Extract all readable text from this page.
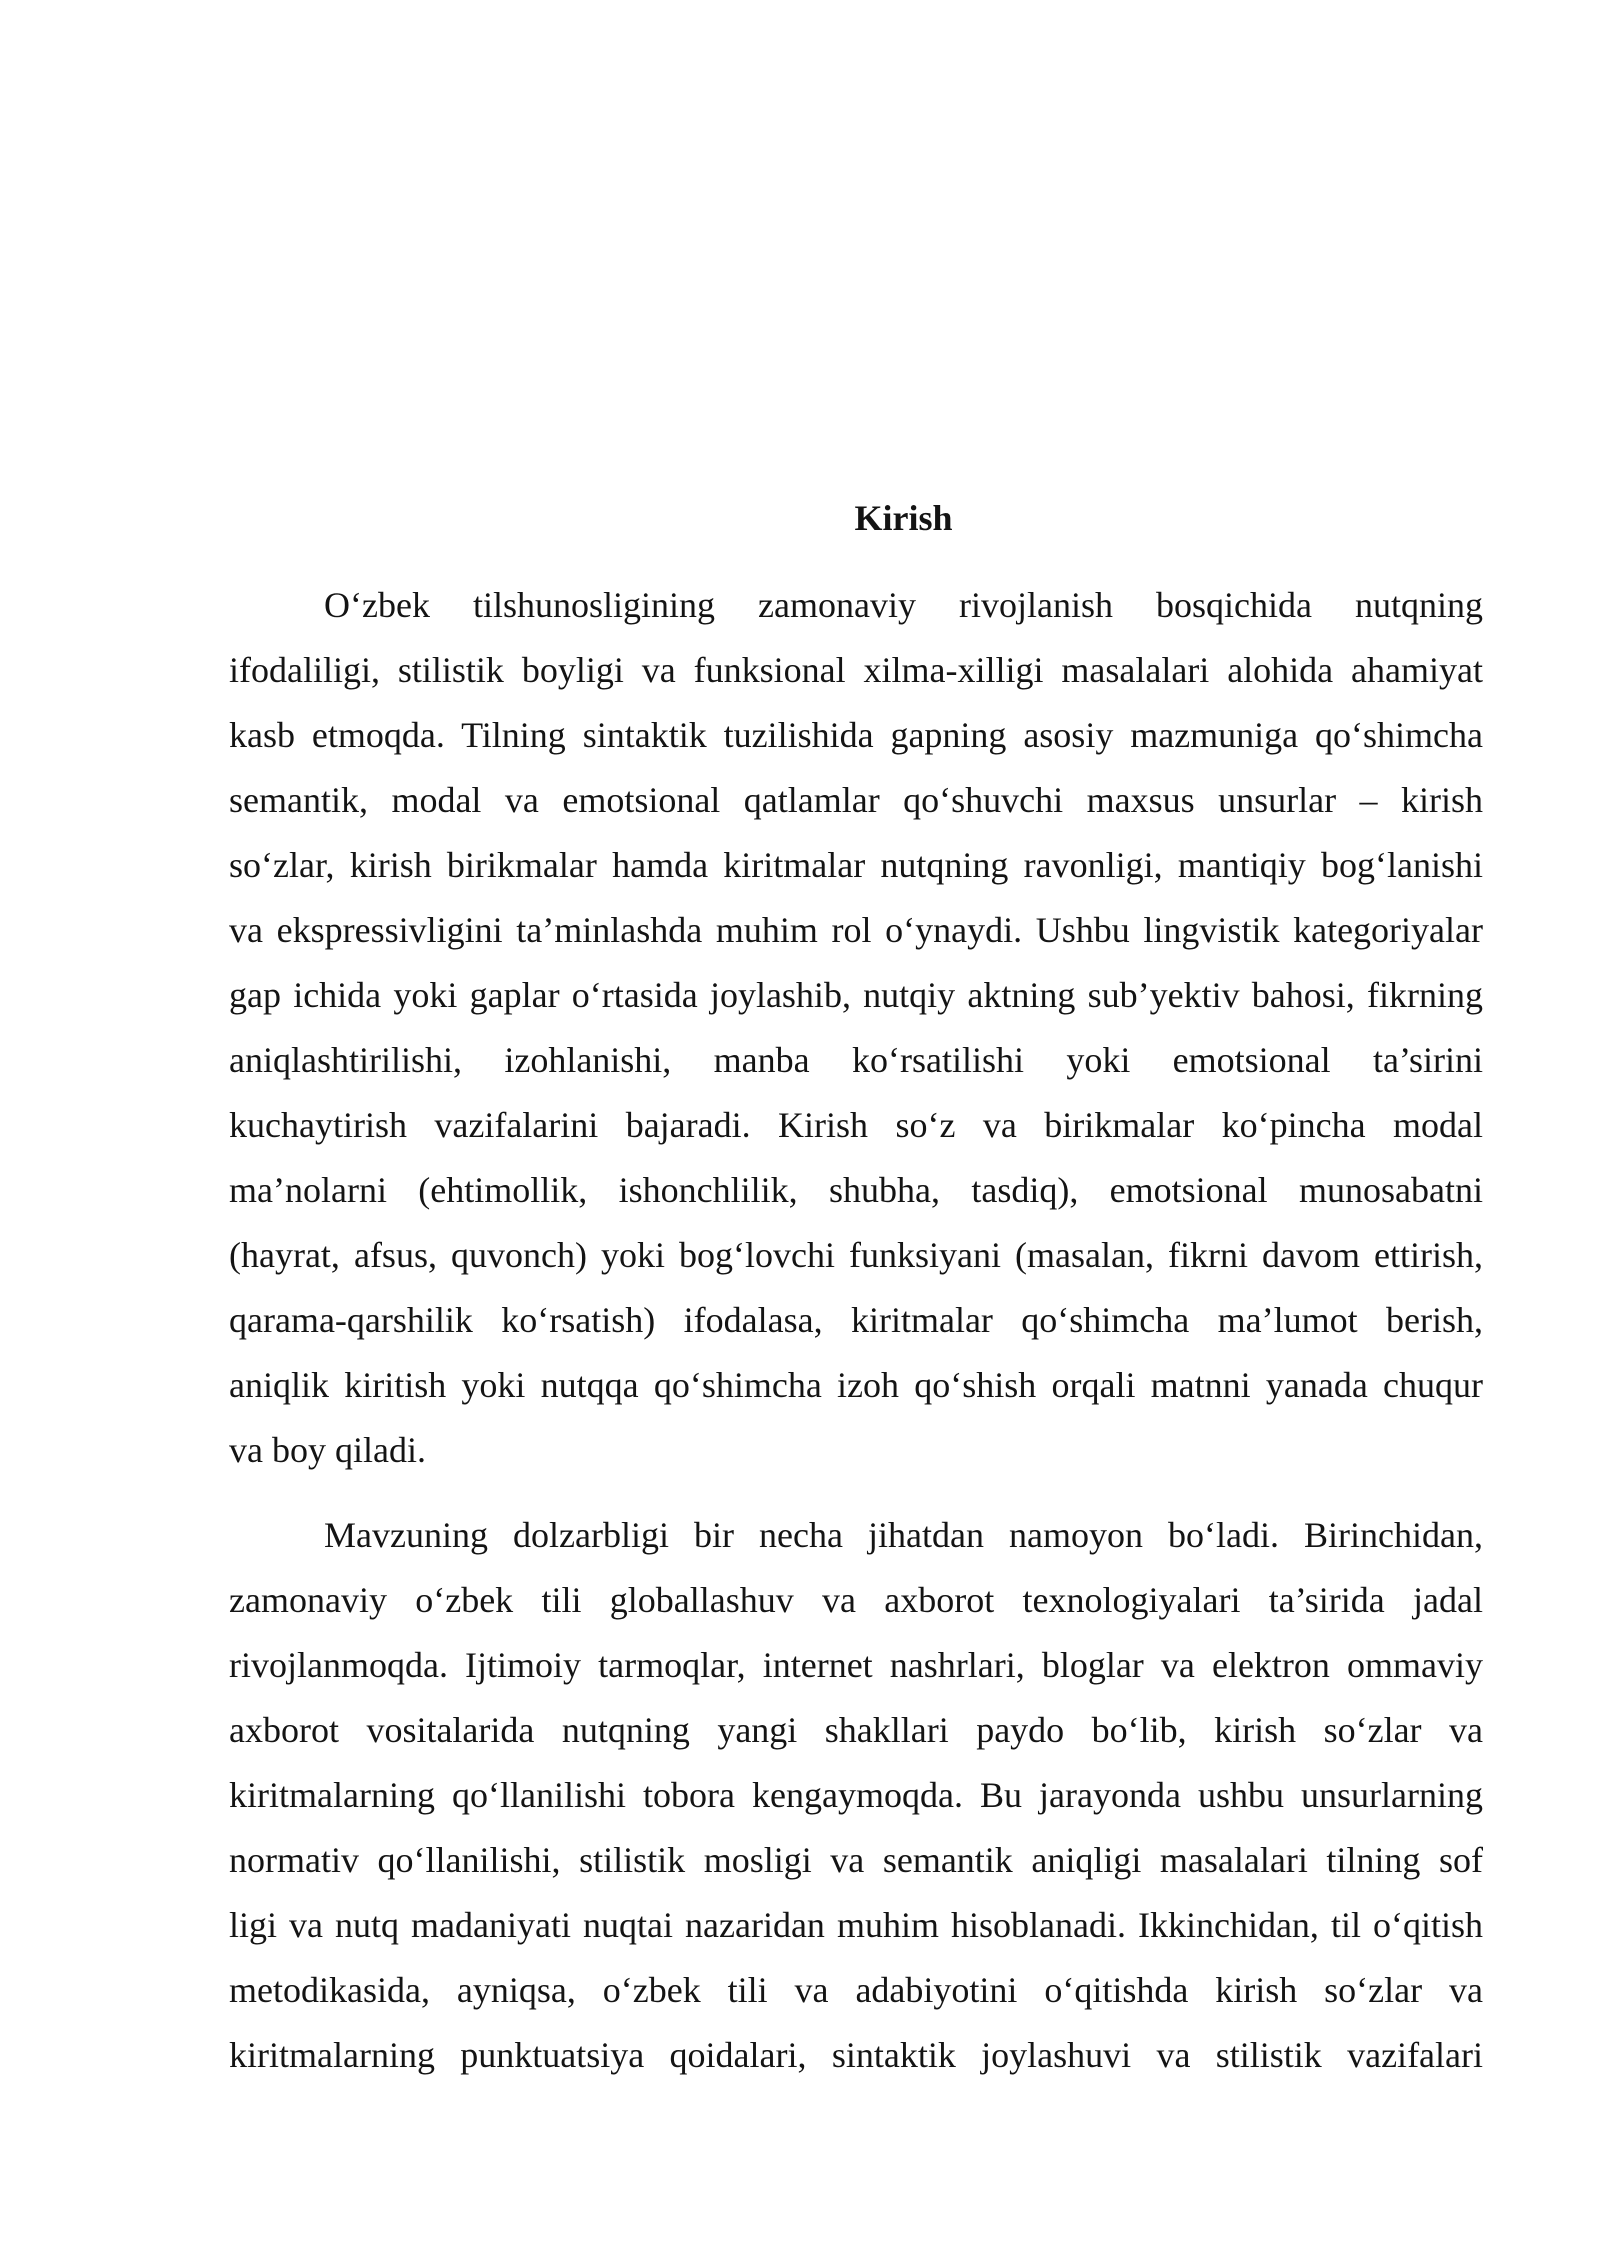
Kirish
O‘zbek tilshunosligining zamonaviy rivojlanish bosqichida nutqning
ifodaliligi, stilistik boyligi va funksional xilma-xilligi masalalari alohida ahamiyat
kasb etmoqda. Tilning sintaktik tuzilishida gapning asosiy mazmuniga qo‘shimcha
semantik, modal va emotsional qatlamlar qo‘shuvchi maxsus unsurlar – kirish
so‘zlar, kirish birikmalar hamda kiritmalar nutqning ravonligi, mantiqiy bog‘lanishi
va ekspressivligini ta’minlashda muhim rol o‘ynaydi. Ushbu lingvistik kategoriyalar
gap ichida yoki gaplar o‘rtasida joylashib, nutqiy aktning sub’yektiv bahosi, fikrning
aniqlashtirilishi, izohlanishi, manba ko‘rsatilishi yoki emotsional ta’sirini
kuchaytirish vazifalarini bajaradi. Kirish so‘z va birikmalar ko‘pincha modal
ma’nolarni (ehtimollik, ishonchlilik, shubha, tasdiq), emotsional munosabatni
(hayrat, afsus, quvonch) yoki bog‘lovchi funksiyani (masalan, fikrni davom ettirish,
qarama-qarshilik ko‘rsatish) ifodalasa, kiritmalar qo‘shimcha ma’lumot berish,
aniqlik kiritish yoki nutqqa qo‘shimcha izoh qo‘shish orqali matnni yanada chuqur
va boy qiladi.
Mavzuning dolzarbligi bir necha jihatdan namoyon bo‘ladi. Birinchidan,
zamonaviy o‘zbek tili globallashuv va axborot texnologiyalari ta’sirida jadal
rivojlanmoqda. Ijtimoiy tarmoqlar, internet nashrlari, bloglar va elektron ommaviy
axborot vositalarida nutqning yangi shakllari paydo bo‘lib, kirish so‘zlar va
kiritmalarning qo‘llanilishi tobora kengaymoqda. Bu jarayonda ushbu unsurlarning
normativ qo‘llanilishi, stilistik mosligi va semantik aniqligi masalalari tilning sof
ligi va nutq madaniyati nuqtai nazaridan muhim hisoblanadi. Ikkinchidan, til o‘qitish
metodikasida, ayniqsa, o‘zbek tili va adabiyotini o‘qitishda kirish so‘zlar va
kiritmalarning punktuatsiya qoidalari, sintaktik joylashuvi va stilistik vazifalari
